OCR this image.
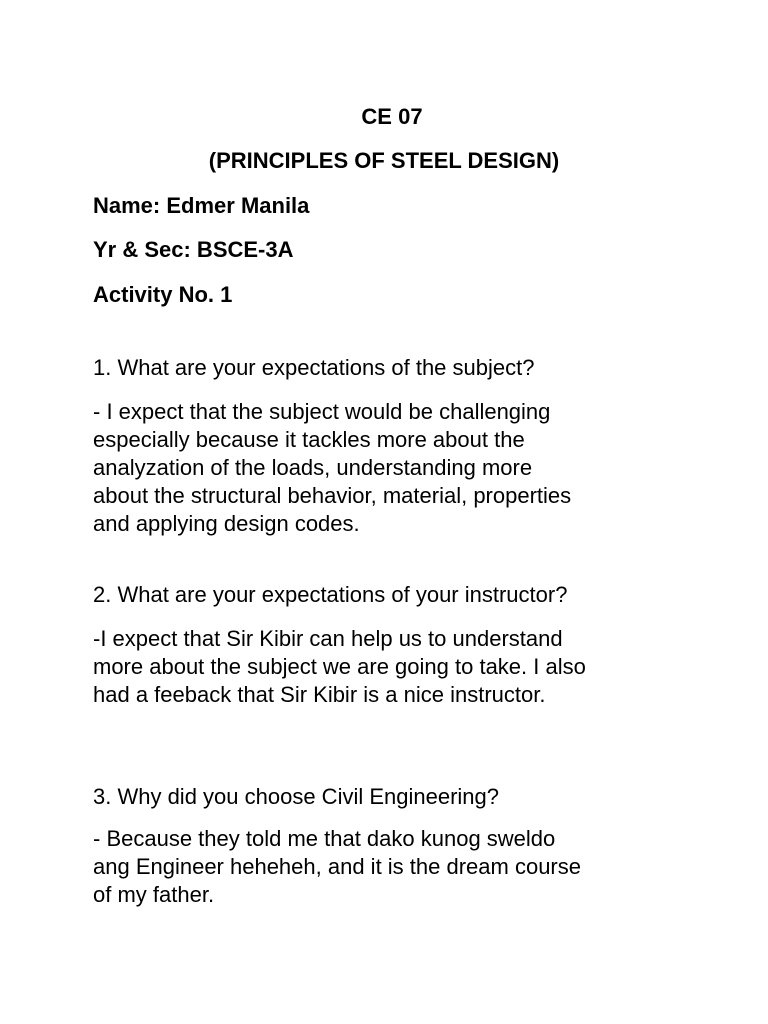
CE 07
(PRINCIPLES OF STEEL DESIGN)
Name: Edmer Manila
Yr & Sec: BSCE-3A
Activity No. 1
1. What are your expectations of the subject?
- I expect that the subject would be challenging
especially because it tackles more about the
analyzation of the loads, understanding more
about the structural behavior, material, properties
and applying design codes.
2. What are your expectations of your instructor?
-I expect that Sir Kibir can help us to understand
more about the subject we are going to take. I also
had a feeback that Sir Kibir is a nice instructor.
3. Why did you choose Civil Engineering?
- Because they told me that dako kunog sweldo
ang Engineer heheheh, and it is the dream course
of my father.
